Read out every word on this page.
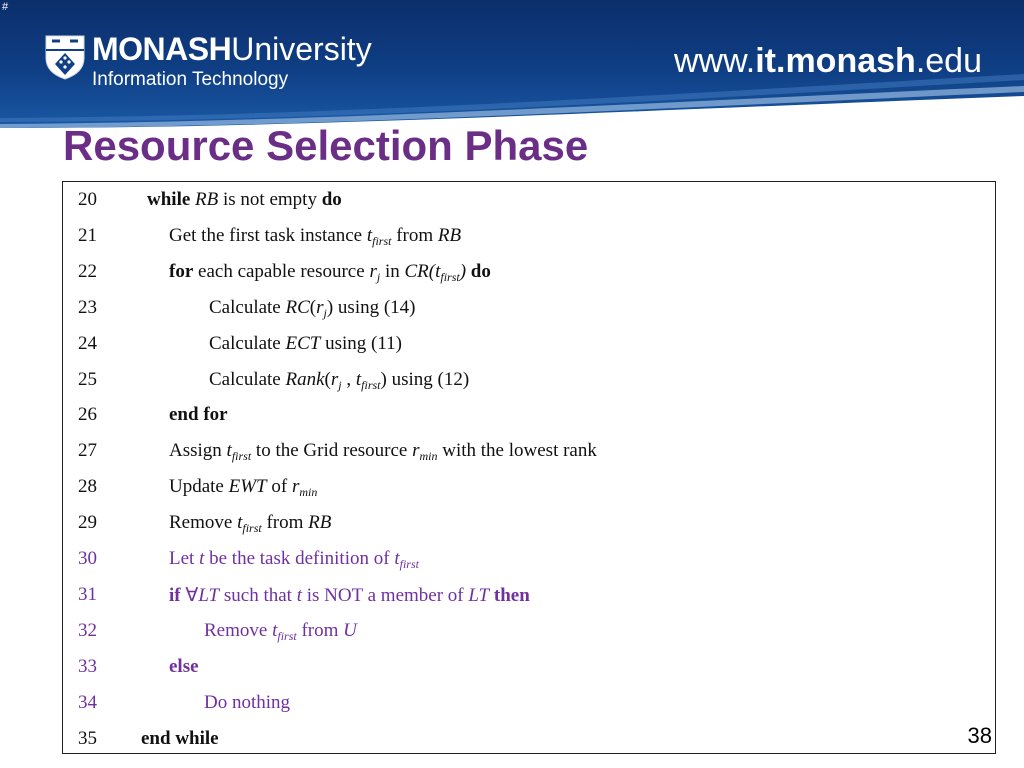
#
MONASHUniversity
Information Technology	www.it.monash.edu
Resource Selection Phase
20	while RB is not empty do
21	Get the first task instance $t_{first}$ from RB
22	for each capable resource $r_j$ in $CR(t_{first})$ do
23	Calculate $RC(r_j)$ using (14)
24	Calculate ECT using (11)
25	Calculate $Rank(r_j$ , $t_{first}$) using (12)
26	end for
27	Assign $t_{first}$ to the Grid resource $r_{min}$ with the lowest rank
28	Update EWT of $r_{min}$
29	Remove $t_{first}$ from RB
30	Let t be the task definition of $t_{first}$
31	if ∀LT such that t is NOT a member of LT then
32	Remove $t_{first}$ from U
33	else
34	Do nothing
35 end while	38
